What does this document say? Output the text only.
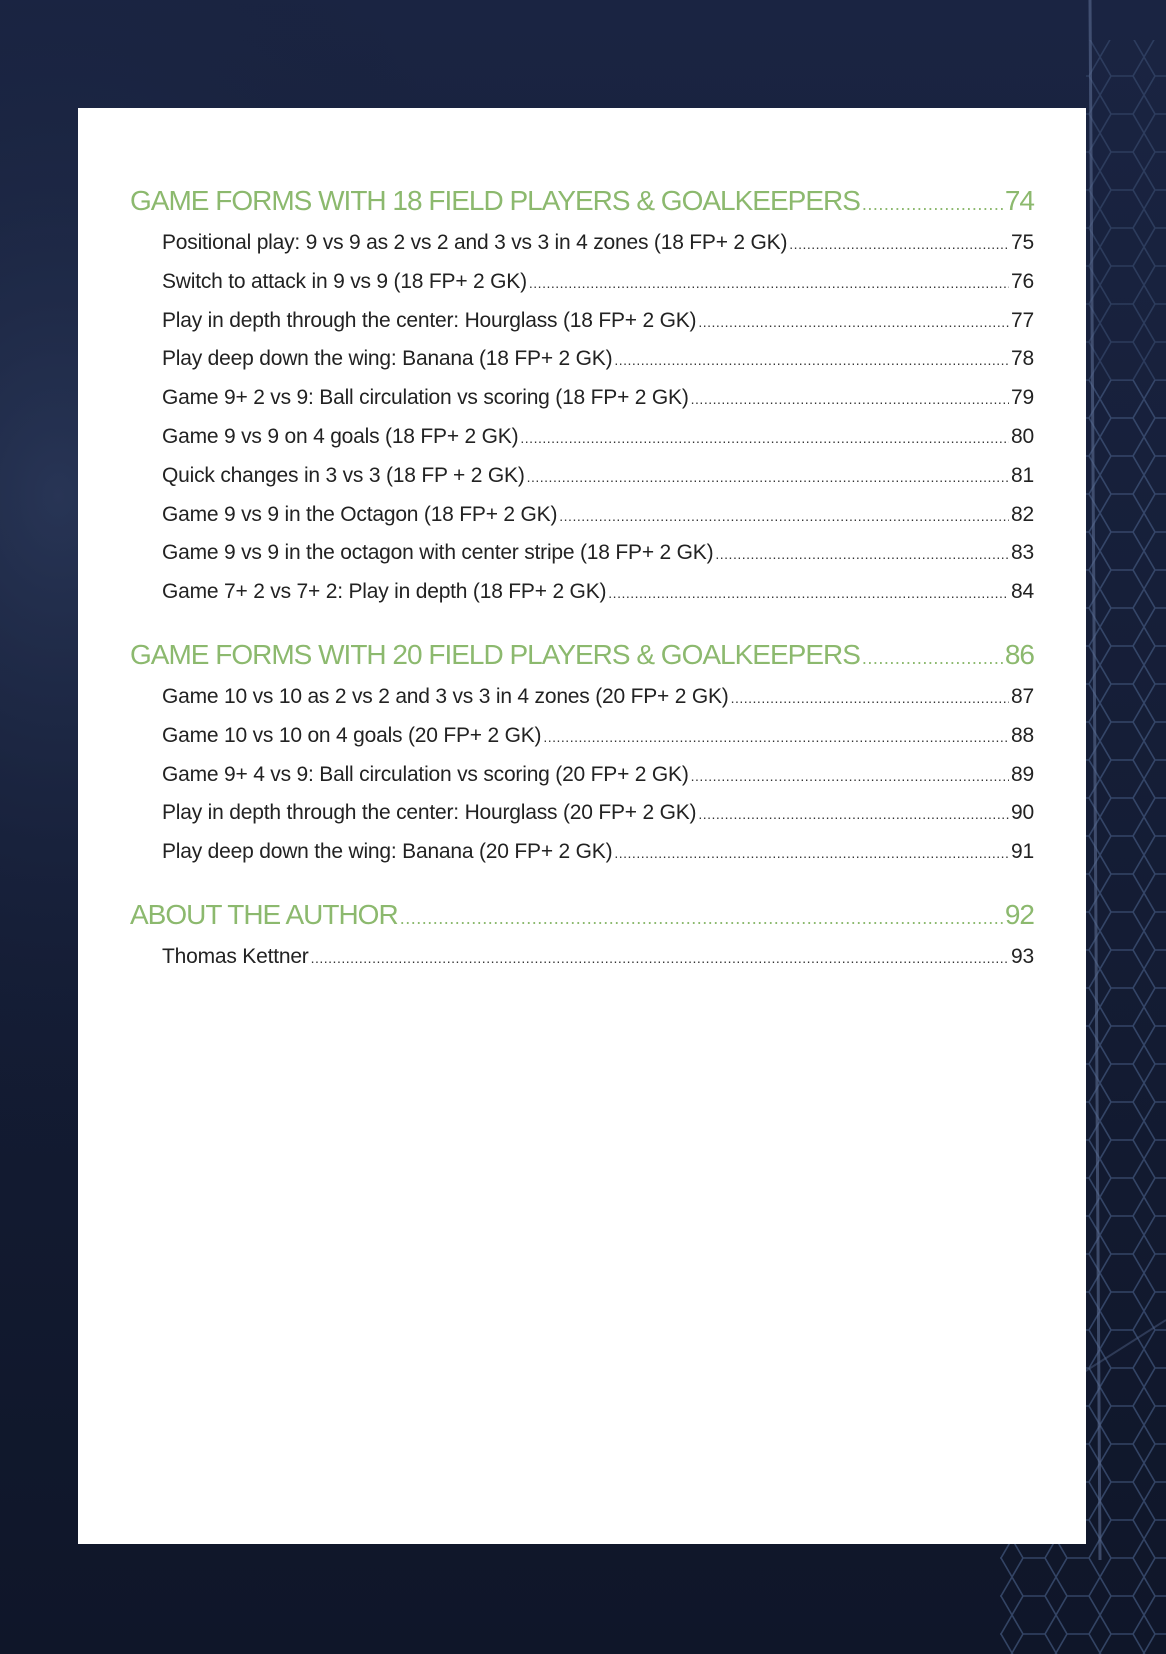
GAME FORMS WITH 18 FIELD PLAYERS & GOALKEEPERS .....	74
Positional play: 9 vs 9 as 2 vs 2 and 3 vs 3 in 4 zones (18 FP+ 2 GK) .....	75
Switch to attack in 9 vs 9 (18 FP+ 2 GK) .....	76
Play in depth through the center: Hourglass (18 FP+ 2 GK) .....	77
Play deep down the wing: Banana (18 FP+ 2 GK) .....	78
Game 9+ 2 vs 9: Ball circulation vs scoring (18 FP+ 2 GK) .....	79
Game 9 vs 9 on 4 goals (18 FP+ 2 GK) .....	80
Quick changes in 3 vs 3 (18 FP + 2 GK) .....	81
Game 9 vs 9 in the Octagon (18 FP+ 2 GK) .....	82
Game 9 vs 9 in the octagon with center stripe (18 FP+ 2 GK) .....	83
Game 7+ 2 vs 7+ 2: Play in depth (18 FP+ 2 GK) .....	84
GAME FORMS WITH 20 FIELD PLAYERS & GOALKEEPERS .....	86
Game 10 vs 10 as 2 vs 2 and 3 vs 3 in 4 zones (20 FP+ 2 GK) .....	87
Game 10 vs 10 on 4 goals (20 FP+ 2 GK) .....	88
Game 9+ 4 vs 9: Ball circulation vs scoring (20 FP+ 2 GK) .....	89
Play in depth through the center: Hourglass (20 FP+ 2 GK) .....	90
Play deep down the wing: Banana (20 FP+ 2 GK) .....	91
ABOUT THE AUTHOR .....	92
Thomas Kettner .....	93
